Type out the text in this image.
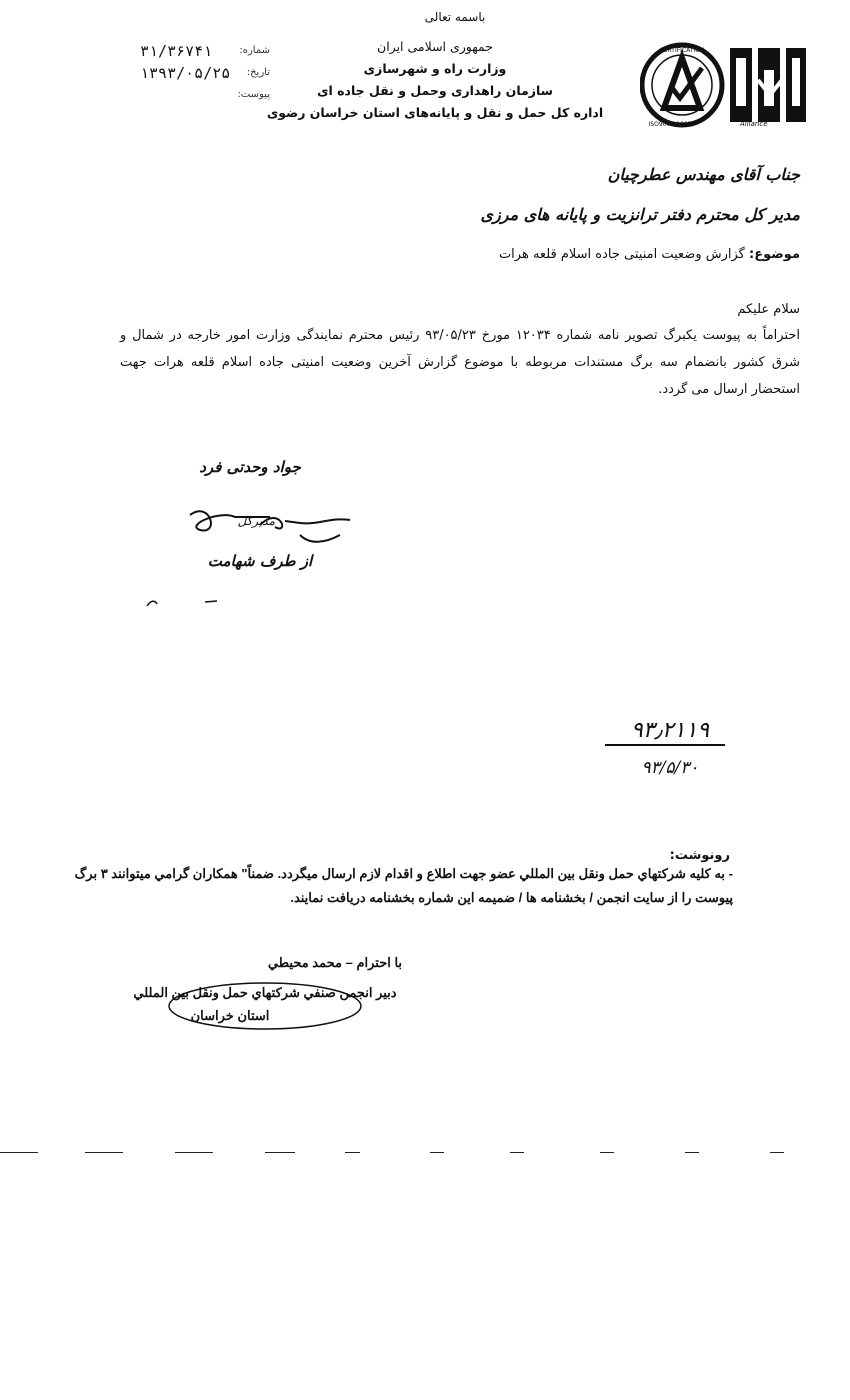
باسمه تعالی
جمهوری اسلامی ایران
وزارت راه و شهرسازی
سازمان راهداری وحمل و نقل جاده ای
اداره کل حمل و نقل و پایانه‌های استان خراسان رضوی
۳۱/۳۶۷۴۱	شماره:
۱۳۹۳/۰۵/۲۵ تاریخ:
پیوست:
CERTIFICATION
ISO9001:2008	Alliance
جناب آقای مهندس عطرچیان
مدیر کل محترم دفتر ترانزیت و پایانه های مرزی
موضوع: گزارش وضعیت امنیتی جاده اسلام قلعه هرات
سلام علیکم
احتراماً به پیوست یکبرگ تصویر نامه شماره ۱۲۰۳۴ مورخ ۹۳/۰۵/۲۳ رئیس محترم نمایندگی وزارت امور خارجه در شمال و شرق کشور بانضمام سه برگ مستندات مربوطه با موضوع گزارش آخرین وضعیت امنیتی جاده اسلام قلعه هرات جهت استحضار ارسال می گردد.
جواد وحدتی فرد
مدیرکل
از طرف شهامت
۹۳٫۲۱۱۹
۹۳/۵/۳۰
رونوشت:
- به كليه شركتهاي حمل ونقل بين المللي عضو جهت اطلاع و اقدام لازم ارسال ميگردد. ضمناً" همكاران گرامي ميتوانند ۳ برگ پيوست را از سايت انجمن / بخشنامه ها / ضميمه اين شماره بخشنامه دريافت نمايند.
با احترام – محمد محيطي
دبير انجمن صنفي شركتهاي حمل ونقل بين المللي
استان خراسان
